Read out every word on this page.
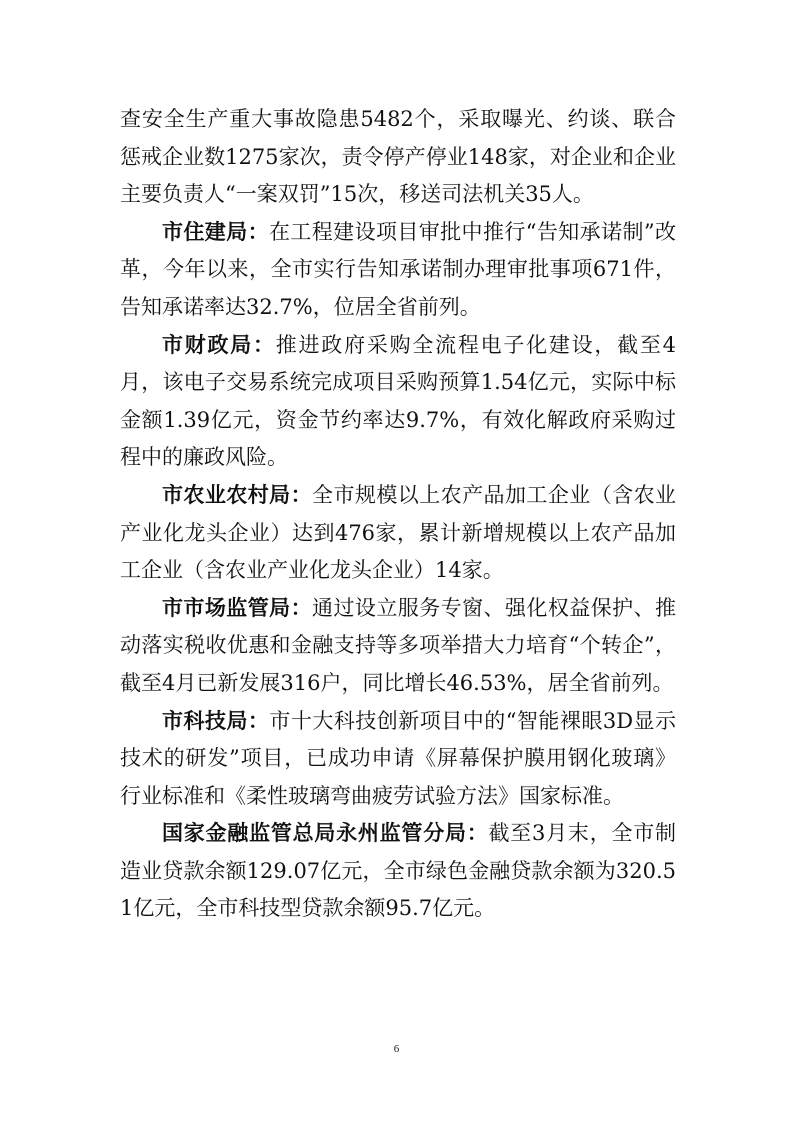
查安全生产重大事故隐患5482个，采取曝光、约谈、联合惩戒企业数1275家次，责令停产停业148家，对企业和企业主要负责人“一案双罚”15次，移送司法机关35人。

市住建局：在工程建设项目审批中推行“告知承诺制”改革，今年以来，全市实行告知承诺制办理审批事项671件，告知承诺率达32.7%，位居全省前列。

市财政局：推进政府采购全流程电子化建设，截至4月，该电子交易系统完成项目采购预算1.54亿元，实际中标金额1.39亿元，资金节约率达9.7%，有效化解政府采购过程中的廉政风险。

市农业农村局：全市规模以上农产品加工企业（含农业产业化龙头企业）达到476家，累计新增规模以上农产品加工企业（含农业产业化龙头企业）14家。

市市场监管局：通过设立服务专窗、强化权益保护、推动落实税收优惠和金融支持等多项举措大力培育“个转企”，截至4月已新发展316户，同比增长46.53%，居全省前列。

市科技局：市十大科技创新项目中的“智能裸眼3D显示技术的研发”项目，已成功申请《屏幕保护膜用钢化玻璃》行业标准和《柔性玻璃弯曲疲劳试验方法》国家标准。

国家金融监管总局永州监管分局：截至3月末，全市制造业贷款余额129.07亿元，全市绿色金融贷款余额为320.51亿元，全市科技型贷款余额95.7亿元。

6
